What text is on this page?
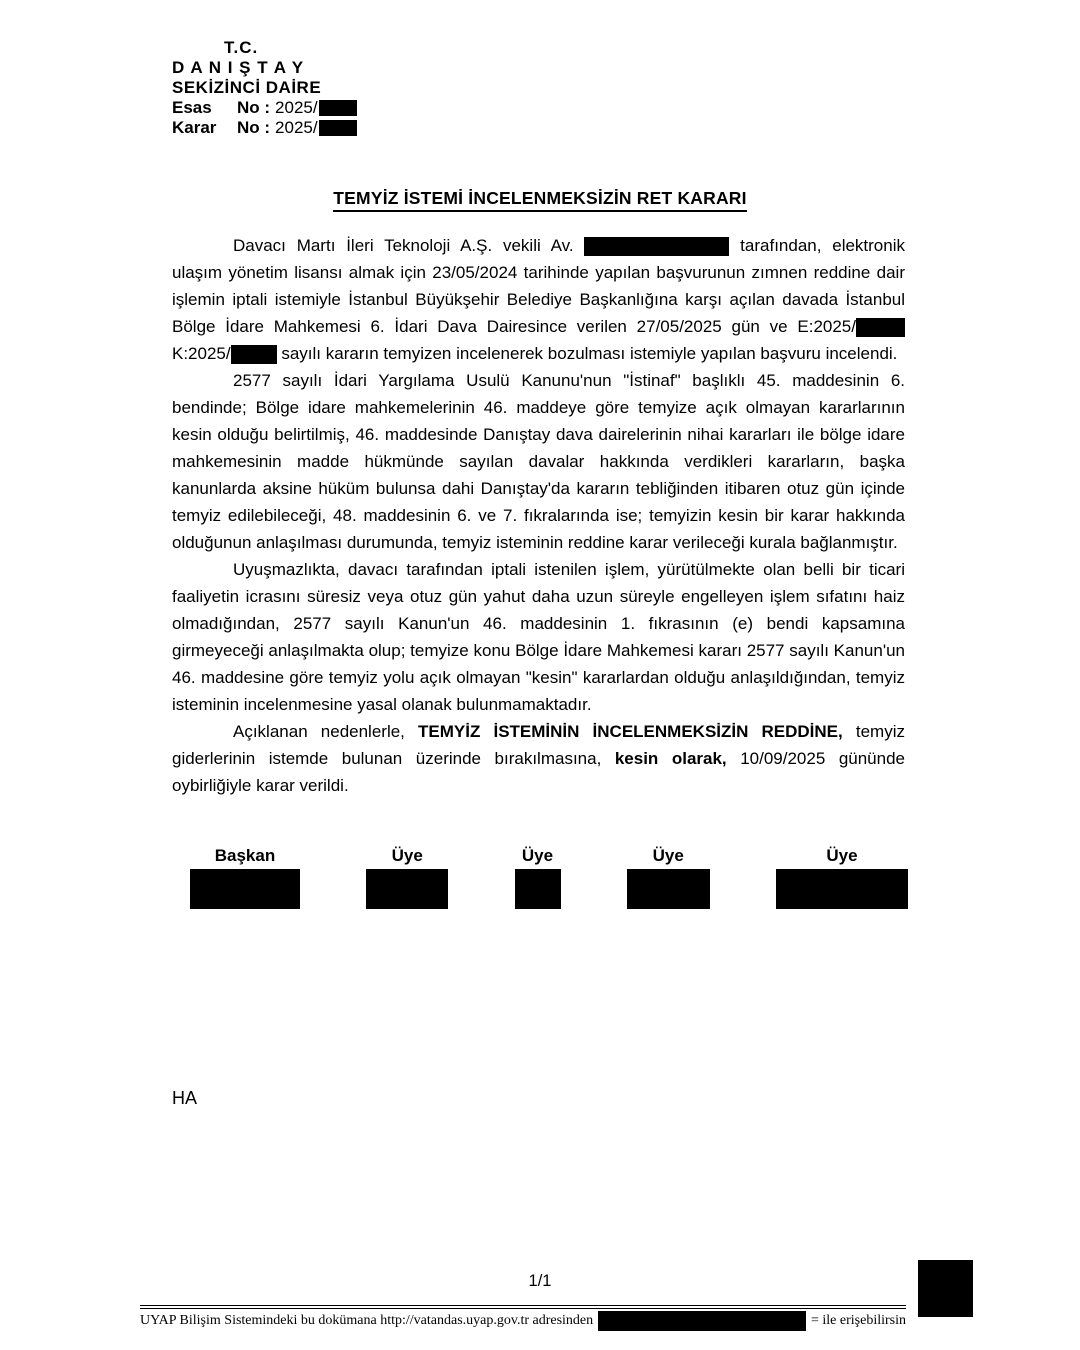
T.C.
D A N I Ş T A Y
SEKİZİNCİ DAİRE
Esas	No : 2025/
Karar	No : 2025/
TEMYİZ İSTEMİ İNCELENMEKSİZİN RET KARARI

Davacı Martı İleri Teknoloji A.Ş. vekili Av.	tarafından, elektronik ulaşım yönetim lisansı almak için 23/05/2024 tarihinde yapılan başvurunun zımnen reddine dair işlemin iptali istemiyle İstanbul Büyükşehir Belediye Başkanlığına karşı açılan davada İstanbul Bölge İdare Mahkemesi 6. İdari Dava Dairesince verilen 27/05/2025 gün ve E:2025/ K:2025/	sayılı kararın temyizen incelenerek bozulması istemiyle yapılan başvuru incelendi.

2577 sayılı İdari Yargılama Usulü Kanunu'nun "İstinaf" başlıklı 45. maddesinin 6. bendinde; Bölge idare mahkemelerinin 46. maddeye göre temyize açık olmayan kararlarının kesin olduğu belirtilmiş, 46. maddesinde Danıştay dava dairelerinin nihai kararları ile bölge idare mahkemesinin madde hükmünde sayılan davalar hakkında verdikleri kararların, başka kanunlarda aksine hüküm bulunsa dahi Danıştay'da kararın tebliğinden itibaren otuz gün içinde temyiz edilebileceği, 48. maddesinin 6. ve 7. fıkralarında ise; temyizin kesin bir karar hakkında olduğunun anlaşılması durumunda, temyiz isteminin reddine karar verileceği kurala bağlanmıştır.

Uyuşmazlıkta, davacı tarafından iptali istenilen işlem, yürütülmekte olan belli bir ticari faaliyetin icrasını süresiz veya otuz gün yahut daha uzun süreyle engelleyen işlem sıfatını haiz olmadığından, 2577 sayılı Kanun'un 46. maddesinin 1. fıkrasının (e) bendi kapsamına girmeyeceği anlaşılmakta olup; temyize konu Bölge İdare Mahkemesi kararı 2577 sayılı Kanun'un 46. maddesine göre temyiz yolu açık olmayan "kesin" kararlardan olduğu anlaşıldığından, temyiz isteminin incelenmesine yasal olanak bulunmamaktadır.

Açıklanan nedenlerle, TEMYİZ İSTEMİNİN İNCELENMEKSİZİN REDDİNE, temyiz giderlerinin istemde bulunan üzerinde bırakılmasına, kesin olarak, 10/09/2025 gününde oybirliğiyle karar verildi.

Başkan	Üye	Üye	Üye	Üye
HA
1/1
UYAP Bilişim Sistemindeki bu dokümana http://vatandas.uyap.gov.tr adresinden	= ile erişebilirsin
